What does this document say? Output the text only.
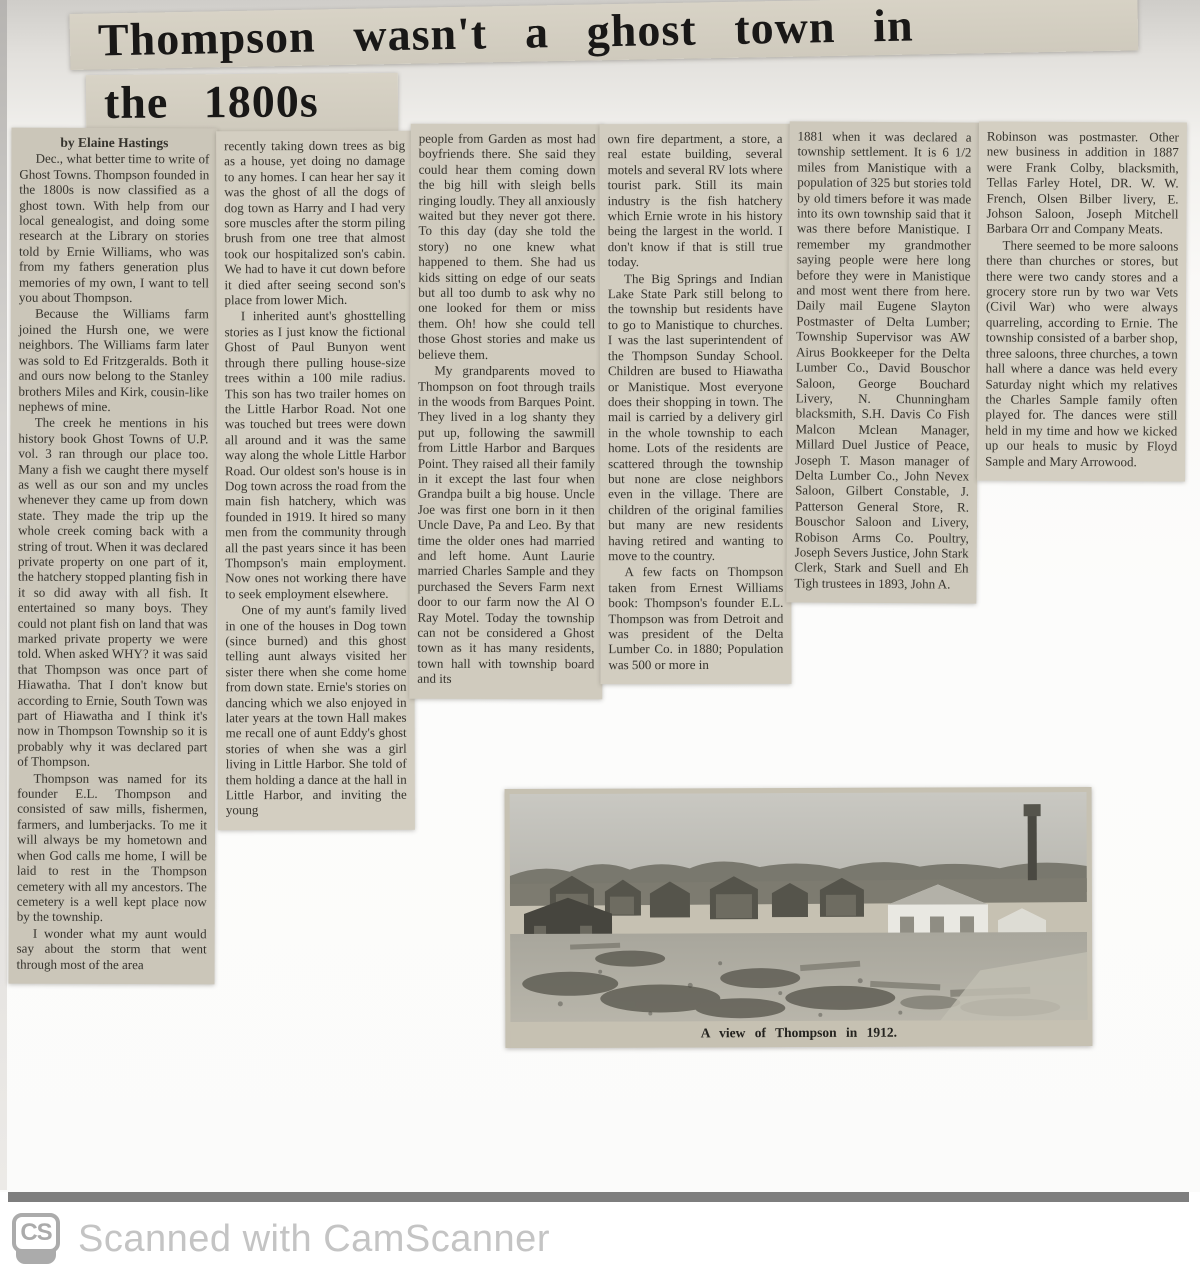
Thompson wasn't a ghost town in
the 1800s

by Elaine Hastings

Dec., what better time to write of Ghost Towns. Thompson founded in the 1800s is now classified as a ghost town. With help from our local genealogist, and doing some research at the Library on stories told by Ernie Williams, who was from my fathers generation plus memories of my own, I want to tell you about Thompson.

Because the Williams farm joined the Hursh one, we were neighbors. The Williams farm later was sold to Ed Fritzgeralds. Both it and ours now belong to the Stanley brothers Miles and Kirk, cousin-like nephews of mine.

The creek he mentions in his history book Ghost Towns of U.P. vol. 3 ran through our place too. Many a fish we caught there myself as well as our son and my uncles whenever they came up from down state. They made the trip up the whole creek coming back with a string of trout. When it was declared private property on one part of it, the hatchery stopped planting fish in it so did away with all fish. It entertained so many boys. They could not plant fish on land that was marked private property we were told. When asked WHY? it was said that Thompson was once part of Hiawatha. That I don't know but according to Ernie, South Town was part of Hiawatha and I think it's now in Thompson Township so it is probably why it was declared part of Thompson.

Thompson was named for its founder E.L. Thompson and consisted of saw mills, fishermen, farmers, and lumberjacks. To me it will always be my hometown and when God calls me home, I will be laid to rest in the Thompson cemetery with all my ancestors. The cemetery is a well kept place now by the township.

I wonder what my aunt would say about the storm that went through most of the area

recently taking down trees as big as a house, yet doing no damage to any homes. I can hear her say it was the ghost of all the dogs of dog town as Harry and I had very sore muscles after the storm piling brush from one tree that almost took our hospitalized son's cabin. We had to have it cut down before it died after seeing second son's place from lower Mich.

I inherited aunt's ghosttelling stories as I just know the fictional Ghost of Paul Bunyon went through there pulling house-size trees within a 100 mile radius. This son has two trailer homes on the Little Harbor Road. Not one was touched but trees were down all around and it was the same way along the whole Little Harbor Road. Our oldest son's house is in Dog town across the road from the main fish hatchery, which was founded in 1919. It hired so many men from the community through all the past years since it has been Thompson's main employment. Now ones not working there have to seek employment elsewhere.

One of my aunt's family lived in one of the houses in Dog town (since burned) and this ghost telling aunt always visited her sister there when she come home from down state. Ernie's stories on dancing which we also enjoyed in later years at the town Hall makes me recall one of aunt Eddy's ghost stories of when she was a girl living in Little Harbor. She told of them holding a dance at the hall in Little Harbor, and inviting the young

people from Garden as most had boyfriends there. She said they could hear them coming down the big hill with sleigh bells ringing loudly. They all anxiously waited but they never got there. To this day (day she told the story) no one knew what happened to them. She had us kids sitting on edge of our seats but all too dumb to ask why no one looked for them or miss them. Oh! how she could tell those Ghost stories and make us believe them.

My grandparents moved to Thompson on foot through trails in the woods from Barques Point. They lived in a log shanty they put up, following the sawmill from Little Harbor and Barques Point. They raised all their family in it except the last four when Grandpa built a big house. Uncle Joe was first one born in it then Uncle Dave, Pa and Leo. By that time the older ones had married and left home. Aunt Laurie married Charles Sample and they purchased the Severs Farm next door to our farm now the Al O Ray Motel. Today the township can not be considered a Ghost town as it has many residents, town hall with township board and its

own fire department, a store, a real estate building, several motels and several RV lots where tourist park. Still its main industry is the fish hatchery which Ernie wrote in his history being the largest in the world. I don't know if that is still true today.

The Big Springs and Indian Lake State Park still belong to the township but residents have to go to Manistique to churches. I was the last superintendent of the Thompson Sunday School. Children are bused to Hiawatha or Manistique. Most everyone does their shopping in town. The mail is carried by a delivery girl in the whole township to each home. Lots of the residents are scattered through the township but none are close neighbors even in the village. There are children of the original families but many are new residents having retired and wanting to move to the country.

A few facts on Thompson taken from Ernest Williams book: Thompson's founder E.L. Thompson was from Detroit and was president of the Delta Lumber Co. in 1880; Population was 500 or more in

1881 when it was declared a township settlement. It is 6 1/2 miles from Manistique with a population of 325 but stories told by old timers before it was made into its own township said that it was there before Manistique. I remember my grandmother saying people were here long before they were in Manistique and most went there from here. Daily mail Eugene Slayton Postmaster of Delta Lumber; Township Supervisor was AW Airus Bookkeeper for the Delta Lumber Co., David Bouschor Saloon, George Bouchard Livery, N. Chunningham blacksmith, S.H. Davis Co Fish Malcon Mclean Manager, Millard Duel Justice of Peace, Joseph T. Mason manager of Delta Lumber Co., John Nevex Saloon, Gilbert Constable, J. Patterson General Store, R. Bouschor Saloon and Livery, Robison Arms Co. Poultry, Joseph Severs Justice, John Stark Clerk, Stark and Suell and Eh Tigh trustees in 1893, John A.

Robinson was postmaster. Other new business in addition in 1887 were Frank Colby, blacksmith, Tellas Farley Hotel, DR. W. W. French, Olsen Bilber livery, E. Johson Saloon, Joseph Mitchell Barbara Orr and Company Meats.

There seemed to be more saloons there than churches or stores, but there were two candy stores and a grocery store run by two war Vets (Civil War) who were always quarreling, according to Ernie. The township consisted of a barber shop, three saloons, three churches, a town hall where a dance was held every Saturday night which my relatives the Charles Sample family often played for. The dances were still held in my time and how we kicked up our heals to music by Floyd Sample and Mary Arrowood.

A view of Thompson in 1912.
CS Scanned with CamScanner
